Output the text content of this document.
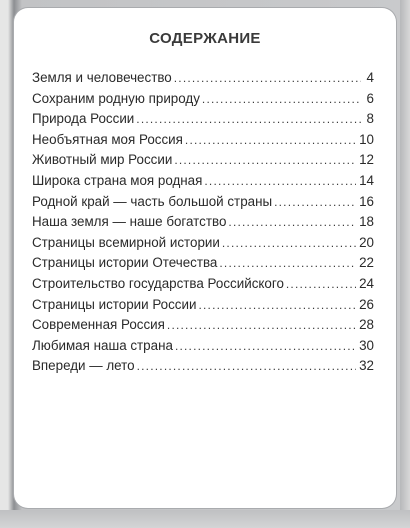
СОДЕРЖАНИЕ
Земля и человечество .....	4
Сохраним родную природу .....	6
Природа России .....	8
Необъятная моя Россия .....	10
Животный мир России .....	12
Широка страна моя родная .....	14
Родной край — часть большой страны .....	16
Наша земля — наше богатство .....	18
Страницы всемирной истории .....	20
Страницы истории Отечества .....	22
Строительство государства Российского .....	24
Страницы истории России .....	26
Современная Россия .....	28
Любимая наша страна .....	30
Впереди — лето .....	32
